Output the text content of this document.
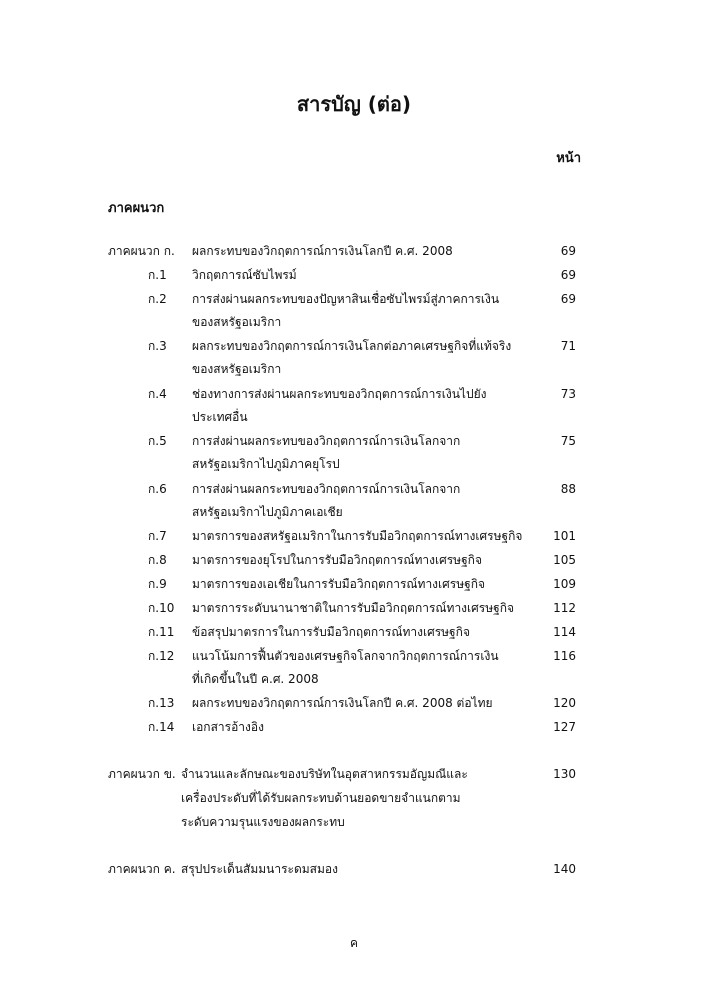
สารบัญ (ต่อ)
หน้า
ภาคผนวก
ภาคผนวก ก. ผลกระทบของวิกฤตการณ์การเงินโลกปี ค.ศ. 2008	69
ก.1 วิกฤตการณ์ซับไพรม์	69
ก.2 การส่งผ่านผลกระทบของปัญหาสินเชื่อซับไพรม์สู่ภาคการเงิน	69
ของสหรัฐอเมริกา
ก.3 ผลกระทบของวิกฤตการณ์การเงินโลกต่อภาคเศรษฐกิจที่แท้จริง	71
ของสหรัฐอเมริกา
ก.4 ช่องทางการส่งผ่านผลกระทบของวิกฤตการณ์การเงินไปยัง	73
ประเทศอื่น
ก.5 การส่งผ่านผลกระทบของวิกฤตการณ์การเงินโลกจาก	75
สหรัฐอเมริกาไปภูมิภาคยุโรป
ก.6 การส่งผ่านผลกระทบของวิกฤตการณ์การเงินโลกจาก	88
สหรัฐอเมริกาไปภูมิภาคเอเชีย
ก.7 มาตรการของสหรัฐอเมริกาในการรับมือวิกฤตการณ์ทางเศรษฐกิจ	101
ก.8 มาตรการของยุโรปในการรับมือวิกฤตการณ์ทางเศรษฐกิจ	105
ก.9 มาตรการของเอเชียในการรับมือวิกฤตการณ์ทางเศรษฐกิจ	109
ก.10 มาตรการระดับนานาชาติในการรับมือวิกฤตการณ์ทางเศรษฐกิจ	112
ก.11 ข้อสรุปมาตรการในการรับมือวิกฤตการณ์ทางเศรษฐกิจ	114
ก.12 แนวโน้มการฟื้นตัวของเศรษฐกิจโลกจากวิกฤตการณ์การเงิน	116
ที่เกิดขึ้นในปี ค.ศ. 2008
ก.13 ผลกระทบของวิกฤตการณ์การเงินโลกปี ค.ศ. 2008 ต่อไทย	120
ก.14 เอกสารอ้างอิง	127
ภาคผนวก ข. จำนวนและลักษณะของบริษัทในอุตสาหกรรมอัญมณีและ	130
เครื่องประดับที่ได้รับผลกระทบด้านยอดขายจำแนกตาม
ระดับความรุนแรงของผลกระทบ
ภาคผนวก ค. สรุปประเด็นสัมมนาระดมสมอง	140
ค
